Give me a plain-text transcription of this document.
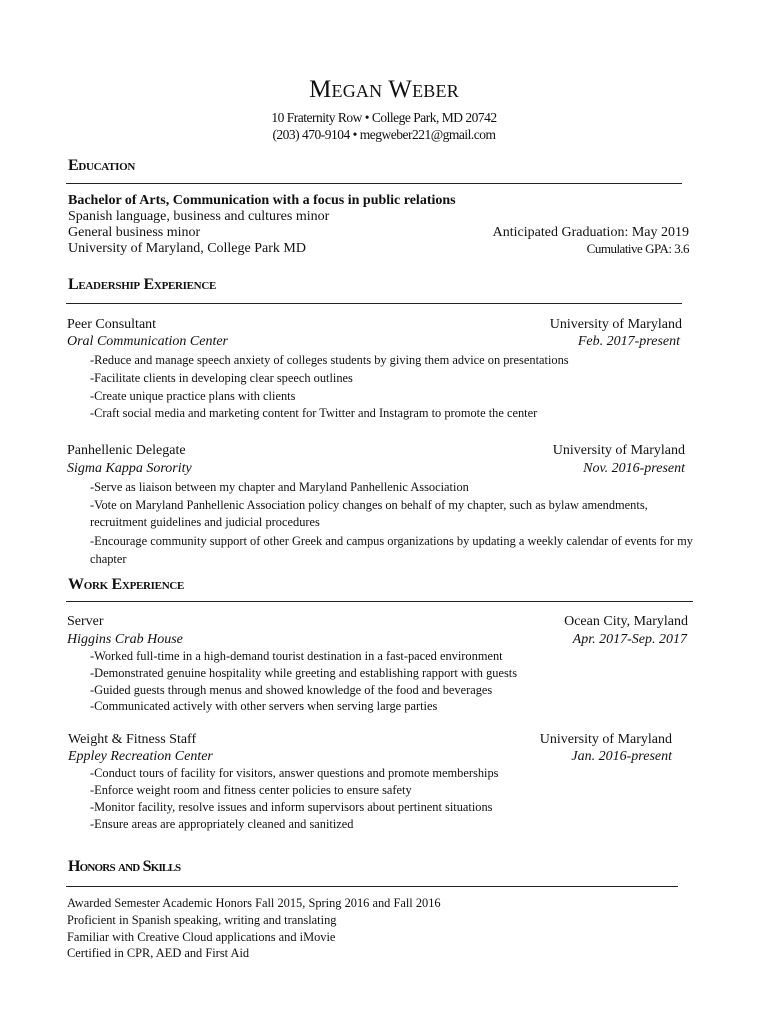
Megan Weber
10 Fraternity Row • College Park, MD 20742
(203) 470-9104 • megweber221@gmail.com
Education
Bachelor of Arts, Communication with a focus in public relations
Spanish language, business and cultures minor
General business minor	Anticipated Graduation: May 2019
University of Maryland, College Park MD	Cumulative GPA: 3.6
Leadership Experience
Peer Consultant	University of Maryland
Oral Communication Center	Feb. 2017-present
-Reduce and manage speech anxiety of colleges students by giving them advice on presentations
-Facilitate clients in developing clear speech outlines
-Create unique practice plans with clients
-Craft social media and marketing content for Twitter and Instagram to promote the center
Panhellenic Delegate	University of Maryland
Sigma Kappa Sorority	Nov. 2016-present
-Serve as liaison between my chapter and Maryland Panhellenic Association
-Vote on Maryland Panhellenic Association policy changes on behalf of my chapter, such as bylaw amendments,
recruitment guidelines and judicial procedures
-Encourage community support of other Greek and campus organizations by updating a weekly calendar of events for my
chapter
Work Experience
Server	Ocean City, Maryland
Higgins Crab House	Apr. 2017-Sep. 2017
-Worked full-time in a high-demand tourist destination in a fast-paced environment
-Demonstrated genuine hospitality while greeting and establishing rapport with guests
-Guided guests through menus and showed knowledge of the food and beverages
-Communicated actively with other servers when serving large parties
Weight & Fitness Staff	University of Maryland
Eppley Recreation Center	Jan. 2016-present
-Conduct tours of facility for visitors, answer questions and promote memberships
-Enforce weight room and fitness center policies to ensure safety
-Monitor facility, resolve issues and inform supervisors about pertinent situations
-Ensure areas are appropriately cleaned and sanitized
Honors and Skills
Awarded Semester Academic Honors Fall 2015, Spring 2016 and Fall 2016
Proficient in Spanish speaking, writing and translating
Familiar with Creative Cloud applications and iMovie
Certified in CPR, AED and First Aid
